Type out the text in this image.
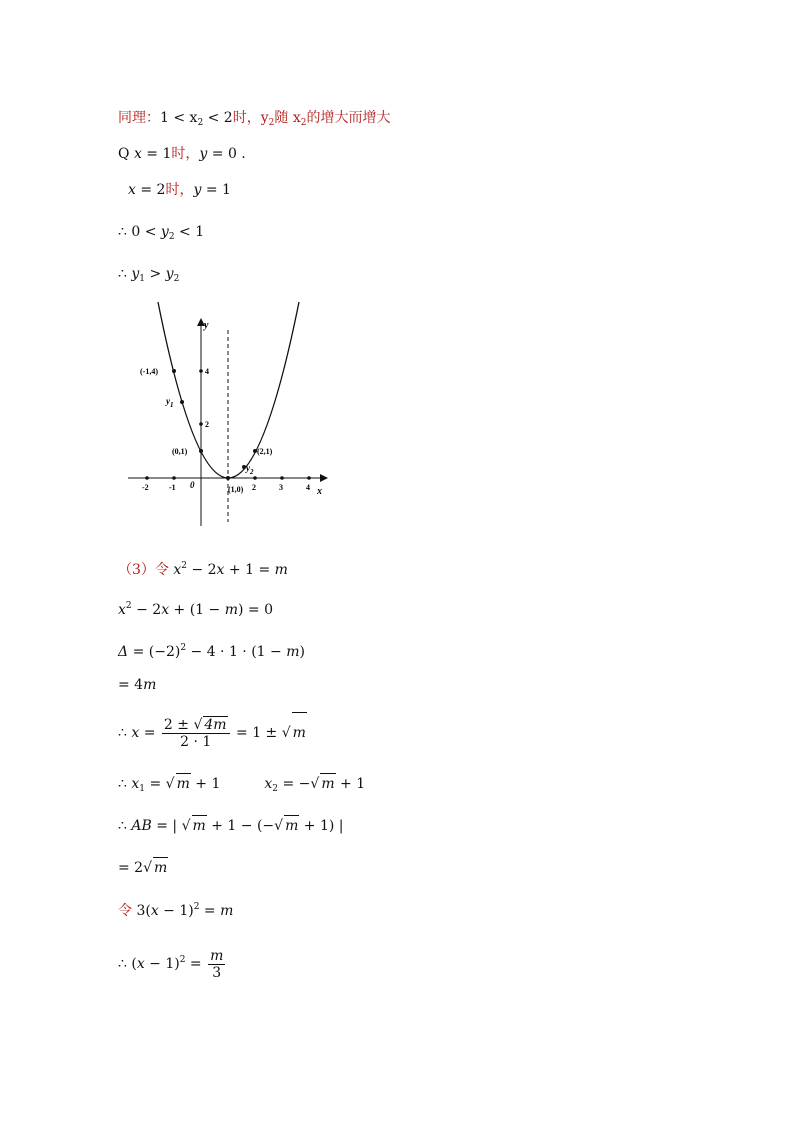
同理：$1 < x_2 < 2$时，$y_2$随 $x_2$的增大而增大
Q x = 1时，y = 0 .
x = 2时，y = 1
∴ $0 < y_2 < 1$
∴ $y_1 > y_2$
y
x
0
-2	-1	2	3	4
2
4
(-1,4)
(0,1)	(2,1)
(1,0)
$y_1$
$y_2$
（3）令 $x^2 - 2x + 1 = m$
$x^2 - 2x + (1 - m) = 0$
$\Delta = (-2)^2 - 4 \cdot 1 \cdot (1 - m)$
= 4m
∴ $x = \frac{2 \pm √ 4m}{2 \cdot 1} = 1$ ± √ m
∴ $x_1$ = √ m + 1	$x_2$ = −√ m + 1
∴ AB = | √ m + 1 − (−√ m + 1) |
= 2√ m
令 $3(x - 1)^2 = m$
∴ $(x - 1)^2 = \frac{m}{3}$
